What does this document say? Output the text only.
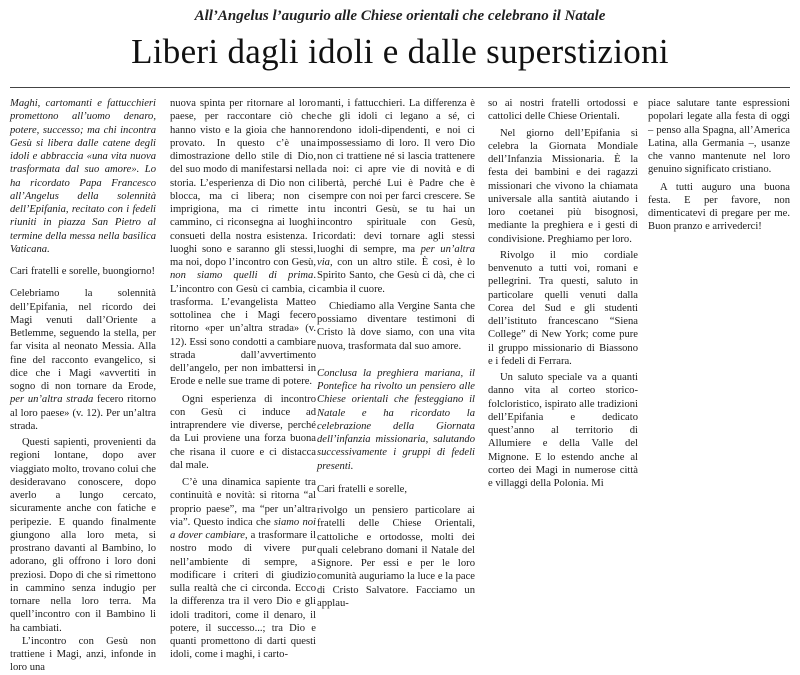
All’Angelus l’augurio alle Chiese orientali che celebrano il Natale
Liberi dagli idoli e dalle superstizioni

Maghi, cartomanti e fattucchieri promettono all’uomo denaro, potere, successo; ma chi incontra Gesù si libera dalle catene degli idoli e abbraccia «una vita nuova trasformata dal suo amore». Lo ha ricordato Papa Francesco all’Angelus della solennità dell’Epifania, recitato con i fedeli riuniti in piazza San Pietro al termine della messa nella basilica Vaticana.

Cari fratelli e sorelle, buongiorno!

Celebriamo la solennità dell’Epifania, nel ricordo dei Magi venuti dall’Oriente a Betlemme, seguendo la stella, per far visita al neonato Messia. Alla fine del racconto evangelico, si dice che i Magi «avvertiti in sogno di non tornare da Erode, per un’altra strada fecero ritorno al loro paese» (v. 12). Per un’altra strada.

Questi sapienti, provenienti da regioni lontane, dopo aver viaggiato molto, trovano colui che desideravano conoscere, dopo averlo a lungo cercato, sicuramente anche con fatiche e peripezie. E quando finalmente giungono alla loro meta, si prostrano davanti al Bambino, lo adorano, gli offrono i loro doni preziosi. Dopo di che si rimettono in cammino senza indugio per tornare nella loro terra. Ma quell’incontro con il Bambino li ha cambiati.

L’incontro con Gesù non trattiene i Magi, anzi, infonde in loro una

nuova spinta per ritornare al loro paese, per raccontare ciò che hanno visto e la gioia che hanno provato. In questo c’è una dimostrazione dello stile di Dio, del suo modo di manifestarsi nella storia. L’esperienza di Dio non ci blocca, ma ci libera; non ci imprigiona, ma ci rimette in cammino, ci riconsegna ai luoghi consueti della nostra esistenza. I luoghi sono e saranno gli stessi, ma noi, dopo l’incontro con Gesù, non siamo quelli di prima. L’incontro con Gesù ci cambia, ci trasforma. L’evangelista Matteo sottolinea che i Magi fecero ritorno «per un’altra strada» (v. 12). Essi sono condotti a cambiare strada dall’avvertimento dell’angelo, per non imbattersi in Erode e nelle sue trame di potere.

Ogni esperienza di incontro con Gesù ci induce ad intraprendere vie diverse, perché da Lui proviene una forza buona che risana il cuore e ci distacca dal male.

C’è una dinamica sapiente tra continuità e novità: si ritorna “al proprio paese”, ma “per un’altra via”. Questo indica che siamo noi a dover cambiare, a trasformare il nostro modo di vivere pur nell’ambiente di sempre, a modificare i criteri di giudizio sulla realtà che ci circonda. Ecco la differenza tra il vero Dio e gli idoli traditori, come il denaro, il potere, il successo...; tra Dio e quanti promettono di darti questi idoli, come i maghi, i carto-

manti, i fattucchieri. La differenza è che gli idoli ci legano a sé, ci rendono idoli-dipendenti, e noi ci impossessiamo di loro. Il vero Dio non ci trattiene né si lascia trattenere da noi: ci apre vie di novità e di libertà, perché Lui è Padre che è sempre con noi per farci crescere. Se tu incontri Gesù, se tu hai un incontro spirituale con Gesù, ricordati: devi tornare agli stessi luoghi di sempre, ma per un’altra via, con un altro stile. È così, è lo Spirito Santo, che Gesù ci dà, che ci cambia il cuore.

Chiediamo alla Vergine Santa che possiamo diventare testimoni di Cristo là dove siamo, con una vita nuova, trasformata dal suo amore.

Conclusa la preghiera mariana, il Pontefice ha rivolto un pensiero alle Chiese orientali che festeggiano il Natale e ha ricordato la celebrazione della Giornata dell’infanzia missionaria, salutando successivamente i gruppi di fedeli presenti.

Cari fratelli e sorelle,

rivolgo un pensiero particolare ai fratelli delle Chiese Orientali, cattoliche e ortodosse, molti dei quali celebrano domani il Natale del Signore. Per essi e per le loro comunità auguriamo la luce e la pace di Cristo Salvatore. Facciamo un applau-

so ai nostri fratelli ortodossi e cattolici delle Chiese Orientali.

Nel giorno dell’Epifania si celebra la Giornata Mondiale dell’Infanzia Missionaria. È la festa dei bambini e dei ragazzi missionari che vivono la chiamata universale alla santità aiutando i loro coetanei più bisognosi, mediante la preghiera e i gesti di condivisione. Preghiamo per loro.

Rivolgo il mio cordiale benvenuto a tutti voi, romani e pellegrini. Tra questi, saluto in particolare quelli venuti dalla Corea del Sud e gli studenti dell’istituto francescano “Siena College” di New York; come pure il gruppo missionario di Biassono e i fedeli di Ferrara.

Un saluto speciale va a quanti danno vita al corteo storico-folcloristico, ispirato alle tradizioni dell’Epifania e dedicato quest’anno al territorio di Allumiere e della Valle del Mignone. E lo estendo anche al corteo dei Magi in numerose città e villaggi della Polonia. Mi

piace salutare tante espressioni popolari legate alla festa di oggi – penso alla Spagna, all’America Latina, alla Germania –, usanze che vanno mantenute nel loro genuino significato cristiano.

A tutti auguro una buona festa. E per favore, non dimenticatevi di pregare per me. Buon pranzo e arrivederci!
